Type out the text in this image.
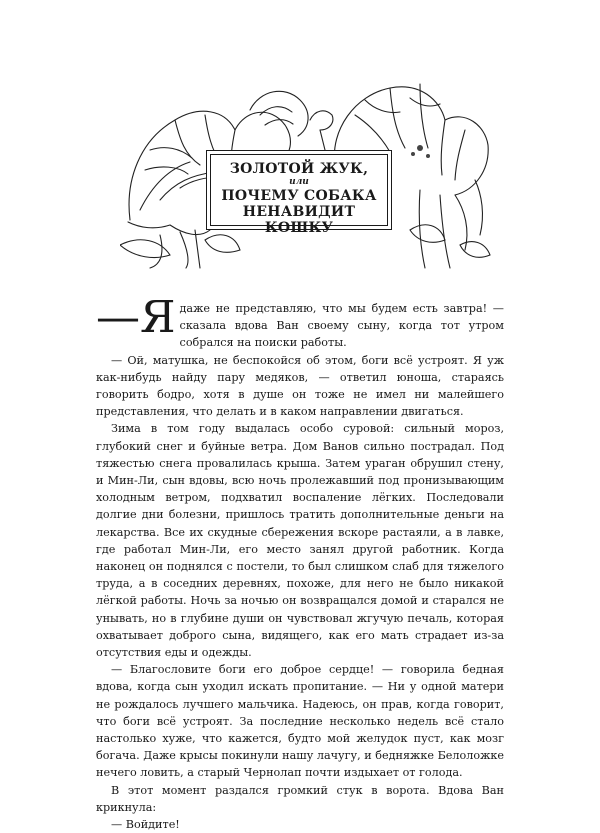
ЗОЛОТОЙ ЖУК,
или
ПОЧЕМУ СОБАКА
НЕНАВИДИТ КОШКУ

—Я даже не представляю, что мы будем есть завтра! — сказала вдова Ван своему сыну, когда тот утром собрался на поиски работы.

— Ой, матушка, не беспокойся об этом, боги всё устроят. Я уж как-нибудь найду пару медяков, — ответил юноша, стараясь говорить бодро, хотя в душе он тоже не имел ни малейшего представления, что делать и в каком направлении двигаться.

Зима в том году выдалась особо суровой: сильный мороз, глубокий снег и буйные ветра. Дом Ванов сильно пострадал. Под тяжестью снега провалилась крыша. Затем ураган обрушил стену, и Мин-Ли, сын вдовы, всю ночь пролежавший под пронизывающим холодным ветром, подхватил воспаление лёгких. Последовали долгие дни болезни, пришлось тратить дополнительные деньги на лекарства. Все их скудные сбережения вскоре растаяли, а в лавке, где работал Мин-Ли, его место занял другой работник. Когда наконец он поднялся с постели, то был слишком слаб для тяжелого труда, а в соседних деревнях, похоже, для него не было никакой лёгкой работы. Ночь за ночью он возвращался домой и старался не унывать, но в глубине души он чувствовал жгучую печаль, которая охватывает доброго сына, видящего, как его мать страдает из-за отсутствия еды и одежды.

— Благословите боги его доброе сердце! — говорила бедная вдова, когда сын уходил искать пропитание. — Ни у одной матери не рождалось лучшего мальчика. Надеюсь, он прав, когда говорит, что боги всё устроят. За последние несколько недель всё стало настолько хуже, что кажется, будто мой желудок пуст, как мозг богача. Даже крысы покинули нашу лачугу, и бедняжке Белоложке нечего ловить, а старый Чернолап почти издыхает от голода.

В этот момент раздался громкий стук в ворота. Вдова Ван крикнула:

— Войдите!
